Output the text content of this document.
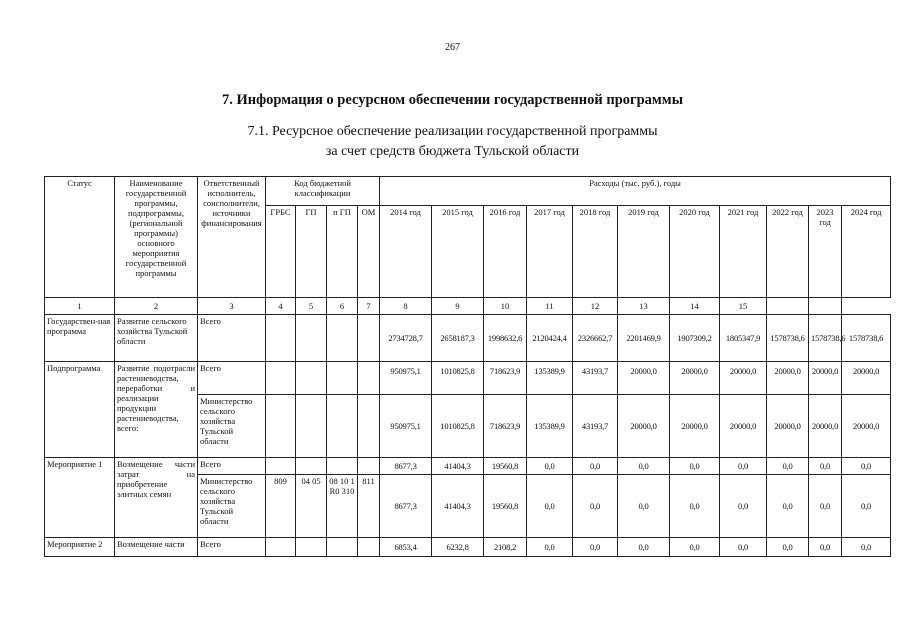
267
7. Информация о ресурсном обеспечении государственной программы
7.1. Ресурсное обеспечение реализации государственной программы
за счет средств бюджета Тульской области
Статус	Наименование государственной программы, подпрограммы, (региональной программы) основного мероприятия государственной программы	Ответственный исполнитель, соисполнители, источники финансирования	Код бюджетной классификации				Расходы (тыс. руб.), годы										
			ГРБС	ГП	п ГП	ОМ	2014 год	2015 год	2016 год	2017 год	2018 год	2019 год	2020 год	2021 год	2022 год	2023 год	2024 год
1	2	3	4	5	6	7	8	9	10	11	12	13	14	15			
Государствен-ная программа	Развитие сельского хозяйства Тульской области	Всего					2734728,7	2658187,3	1998632,6	2120424,4	2326662,7	2201469,9	1907309,2	1805347,9	1578738,6	1578738,6	1578738,6
Подпрограмма	Развитие подотрасли растениеводства, переработки и реализации продукции растениеводства, всего:	Всего					950975,1	1010825,8	718623,9	135389,9	43193,7	20000,0	20000,0	20000,0	20000,0	20000,0	20000,0
		Министерство сельского хозяйства Тульской области					950975,1	1010825,8	718623,9	135389,9	43193,7	20000,0	20000,0	20000,0	20000,0	20000,0	20000,0
Мероприятие 1	Возмещение части затрат на приобретение элитных семян	Всего					8677,3	41404,3	19560,8	0,0	0,0	0,0	0,0	0,0	0,0	0,0	0,0
		Министерство сельского хозяйства Тульской области	809	04 05	08 10 1 R0 310	811	8677,3	41404,3	19560,8	0,0	0,0	0,0	0,0	0,0	0,0	0,0	0,0
Мероприятие 2	Возмещение части	Всего					6853,4	6232,8	2108,2	0,0	0,0	0,0	0,0	0,0	0,0	0,0	0,0
